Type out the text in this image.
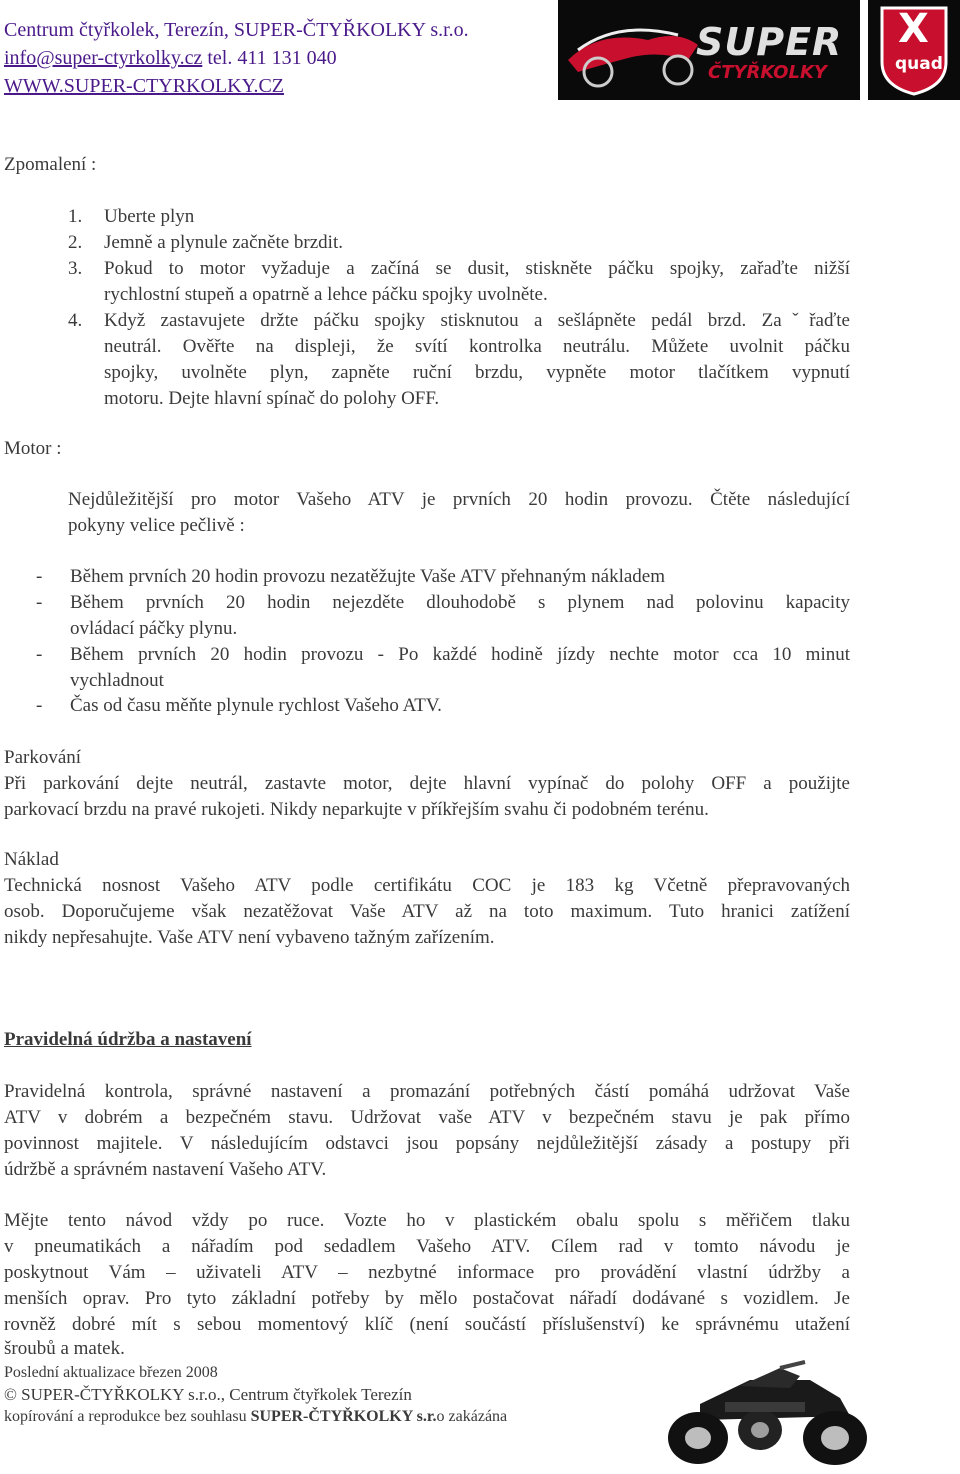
Centrum čtyřkolek, Terezín, SUPER-ČTYŘKOLKY s.r.o.
info@super-ctyrkolky.cz tel. 411 131 040
WWW.SUPER-CTYRKOLKY.CZ
SUPER
ČTYŘKOLKY
X
quad
Zpomalení :
1. Uberte plyn
2. Jemně a plynule začněte brzdit.
3. Pokud to motor vyžaduje a začíná se dusit, stiskněte páčku spojky, zařaďte nižší
rychlostní stupeň a opatrně a lehce páčku spojky uvolněte.
4. Když zastavujete držte páčku spojky stisknutou a sešlápněte pedál brzd. Zaˇřaďte
neutrál. Ověřte na displeji, že svítí kontrolka neutrálu. Můžete uvolnit páčku
spojky, uvolněte plyn, zapněte ruční brzdu, vypněte motor tlačítkem vypnutí
motoru. Dejte hlavní spínač do polohy OFF.
Motor :
Nejdůležitější pro motor Vašeho ATV je prvních 20 hodin provozu. Čtěte následující
pokyny velice pečlivě :
- Během prvních 20 hodin provozu nezatěžujte Vaše ATV přehnaným nákladem
- Během prvních 20 hodin nejezděte dlouhodobě s plynem nad polovinu kapacity
ovládací páčky plynu.
- Během prvních 20 hodin provozu - Po každé hodině jízdy nechte motor cca 10 minut
vychladnout
- Čas od času měňte plynule rychlost Vašeho ATV.
Parkování
Při parkování dejte neutrál, zastavte motor, dejte hlavní vypínač do polohy OFF a použijte
parkovací brzdu na pravé rukojeti. Nikdy neparkujte v příkřejším svahu či podobném terénu.
Náklad
Technická nosnost Vašeho ATV podle certifikátu COC je 183 kg Včetně přepravovaných
osob. Doporučujeme však nezatěžovat Vaše ATV až na toto maximum. Tuto hranici zatížení
nikdy nepřesahujte. Vaše ATV není vybaveno tažným zařízením.
Pravidelná údržba a nastavení
Pravidelná kontrola, správné nastavení a promazání potřebných částí pomáhá udržovat Vaše
ATV v dobrém a bezpečném stavu. Udržovat vaše ATV v bezpečném stavu je pak přímo
povinnost majitele. V následujícím odstavci jsou popsány nejdůležitější zásady a postupy při
údržbě a správném nastavení Vašeho ATV.
Mějte tento návod vždy po ruce. Vozte ho v plastickém obalu spolu s měřičem tlaku
v pneumatikách a nářadím pod sedadlem Vašeho ATV. Cílem rad v tomto návodu je
poskytnout Vám – uživateli ATV – nezbytné informace pro provádění vlastní údržby a
menších oprav. Pro tyto základní potřeby by mělo postačovat nářadí dodávané s vozidlem. Je
rovněž dobré mít s sebou momentový klíč (není součástí příslušenství) ke správnému utažení
šroubů a matek.
Poslední aktualizace březen 2008
© SUPER-ČTYŘKOLKY s.r.o., Centrum čtyřkolek Terezín
kopírování a reprodukce bez souhlasu SUPER-ČTYŘKOLKY s.r.o zakázána
